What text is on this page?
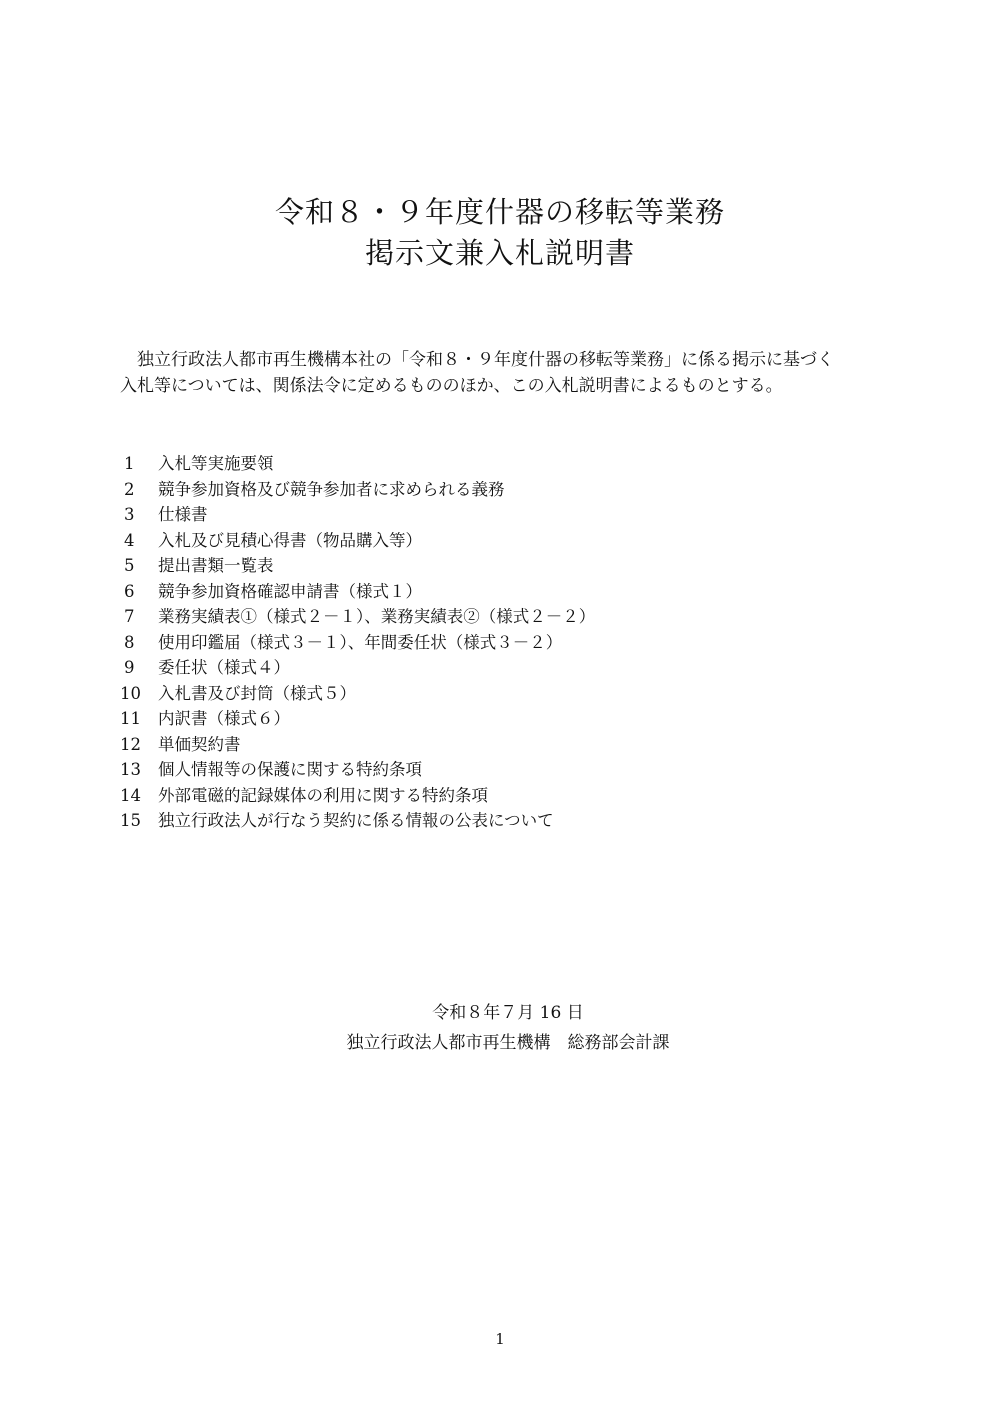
令和８・９年度什器の移転等業務
掲示文兼入札説明書

独立行政法人都市再生機構本社の「令和８・９年度什器の移転等業務」に係る掲示に基づく

入札等については、関係法令に定めるもののほか、この入札説明書によるものとする。

1	入札等実施要領
2	競争参加資格及び競争参加者に求められる義務
3	仕様書
4	入札及び見積心得書（物品購入等）
5	提出書類一覧表
6	競争参加資格確認申請書（様式１）
7	業務実績表①（様式２－１）、業務実績表②（様式２－２）
8	使用印鑑届（様式３－１）、年間委任状（様式３－２）
9	委任状（様式４）
10	入札書及び封筒（様式５）
11	内訳書（様式６）
12	単価契約書
13	個人情報等の保護に関する特約条項
14	外部電磁的記録媒体の利用に関する特約条項
15	独立行政法人が行なう契約に係る情報の公表について
令和８年７月 16 日
独立行政法人都市再生機構　総務部会計課
1
